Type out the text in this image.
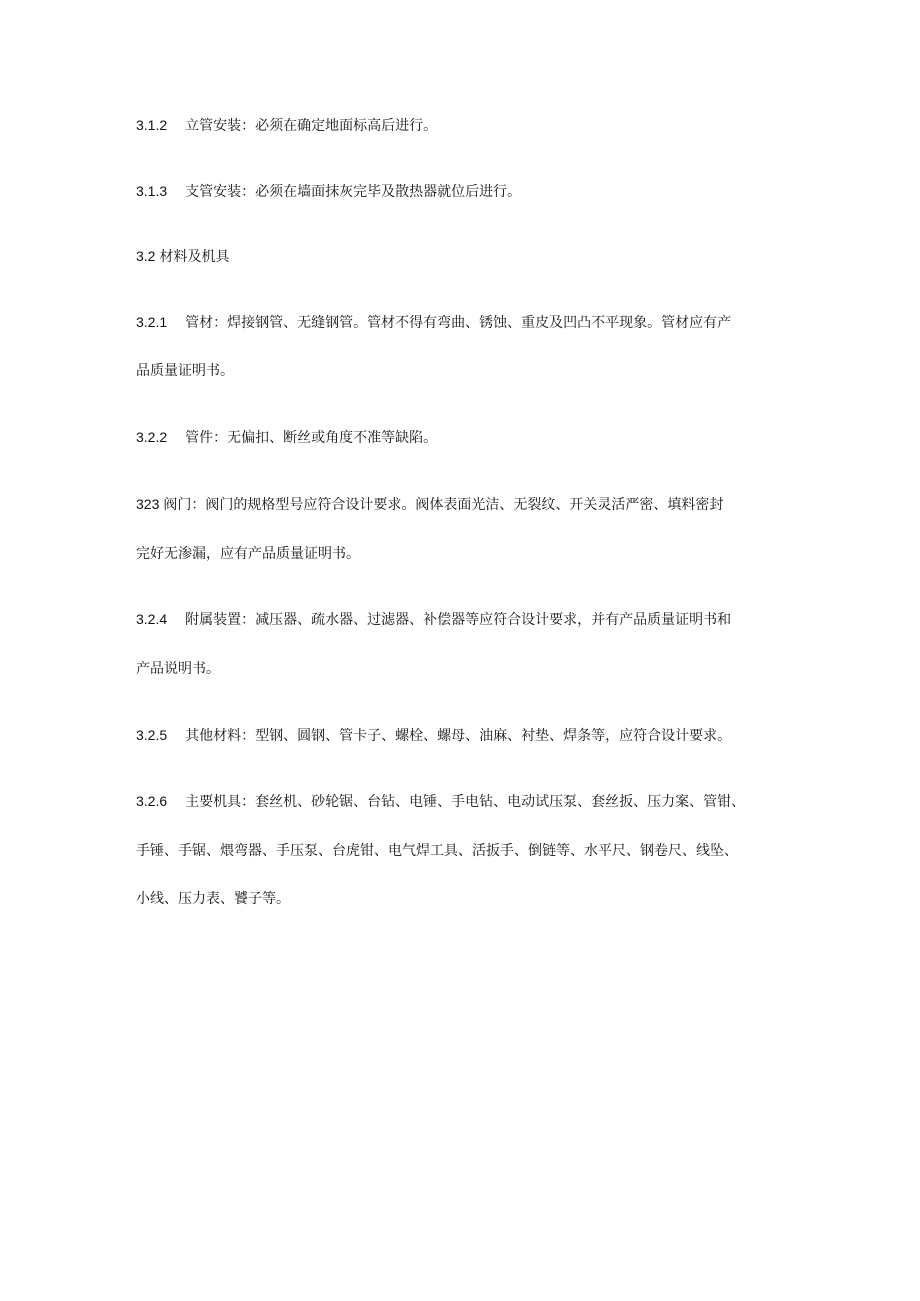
3.1.2 立管安装：必须在确定地面标高后进行。
3.1.3 支管安装：必须在墙面抹灰完毕及散热器就位后进行。
3.2 材料及机具
3.2.1 管材：焊接钢管、无缝钢管。管材不得有弯曲、锈蚀、重皮及凹凸不平现象。管材应有产
品质量证明书。
3.2.2 管件：无偏扣、断丝或角度不准等缺陷。
323 阀门：阀门的规格型号应符合设计要求。阀体表面光洁、无裂纹、开关灵活严密、填料密封
完好无渗漏，应有产品质量证明书。
3.2.4 附属装置：减压器、疏水器、过滤器、补偿器等应符合设计要求，并有产品质量证明书和
产品说明书。
3.2.5 其他材料：型钢、圆钢、管卡子、螺栓、螺母、油麻、衬垫、焊条等，应符合设计要求。
3.2.6 主要机具：套丝机、砂轮锯、台钻、电锤、手电钻、电动试压泵、套丝扳、压力案、管钳、
手锤、手锯、煨弯器、手压泵、台虎钳、电气焊工具、活扳手、倒链等、水平尺、钢卷尺、线坠、
小线、压力表、饕子等。
